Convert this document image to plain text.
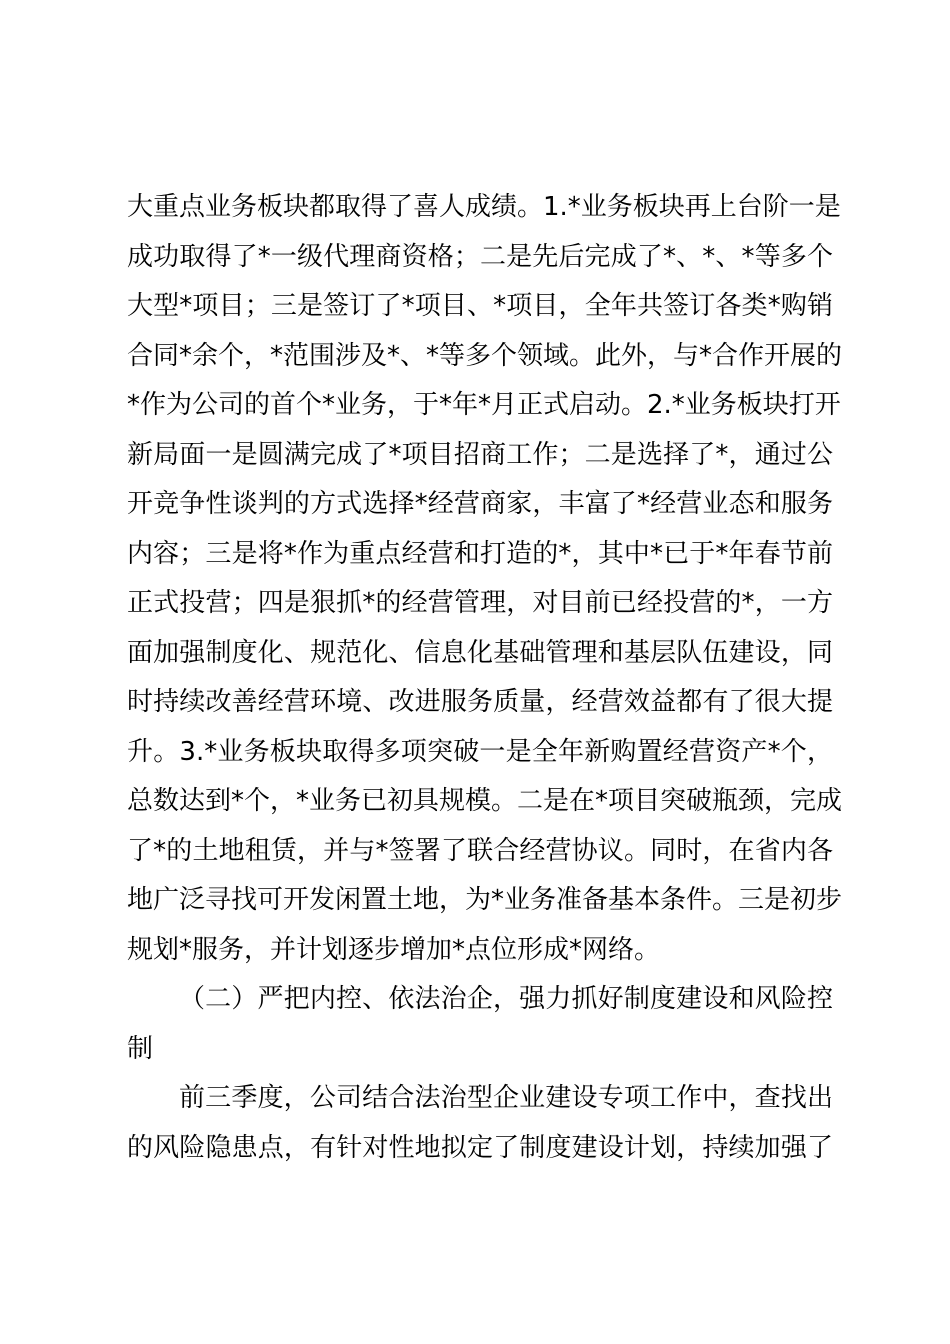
大重点业务板块都取得了喜人成绩。1.*业务板块再上台阶一是
成功取得了*一级代理商资格；二是先后完成了*、*、*等多个
大型*项目；三是签订了*项目、*项目，全年共签订各类*购销
合同*余个，*范围涉及*、*等多个领域。此外，与*合作开展的
*作为公司的首个*业务，于*年*月正式启动。2.*业务板块打开
新局面一是圆满完成了*项目招商工作；二是选择了*，通过公
开竞争性谈判的方式选择*经营商家，丰富了*经营业态和服务
内容；三是将*作为重点经营和打造的*，其中*已于*年春节前
正式投营；四是狠抓*的经营管理，对目前已经投营的*，一方
面加强制度化、规范化、信息化基础管理和基层队伍建设，同
时持续改善经营环境、改进服务质量，经营效益都有了很大提
升。3.*业务板块取得多项突破一是全年新购置经营资产*个，
总数达到*个，*业务已初具规模。二是在*项目突破瓶颈，完成
了*的土地租赁，并与*签署了联合经营协议。同时，在省内各
地广泛寻找可开发闲置土地，为*业务准备基本条件。三是初步
规划*服务，并计划逐步增加*点位形成*网络。
（二）严把内控、依法治企，强力抓好制度建设和风险控
制
前三季度，公司结合法治型企业建设专项工作中，查找出
的风险隐患点，有针对性地拟定了制度建设计划，持续加强了
